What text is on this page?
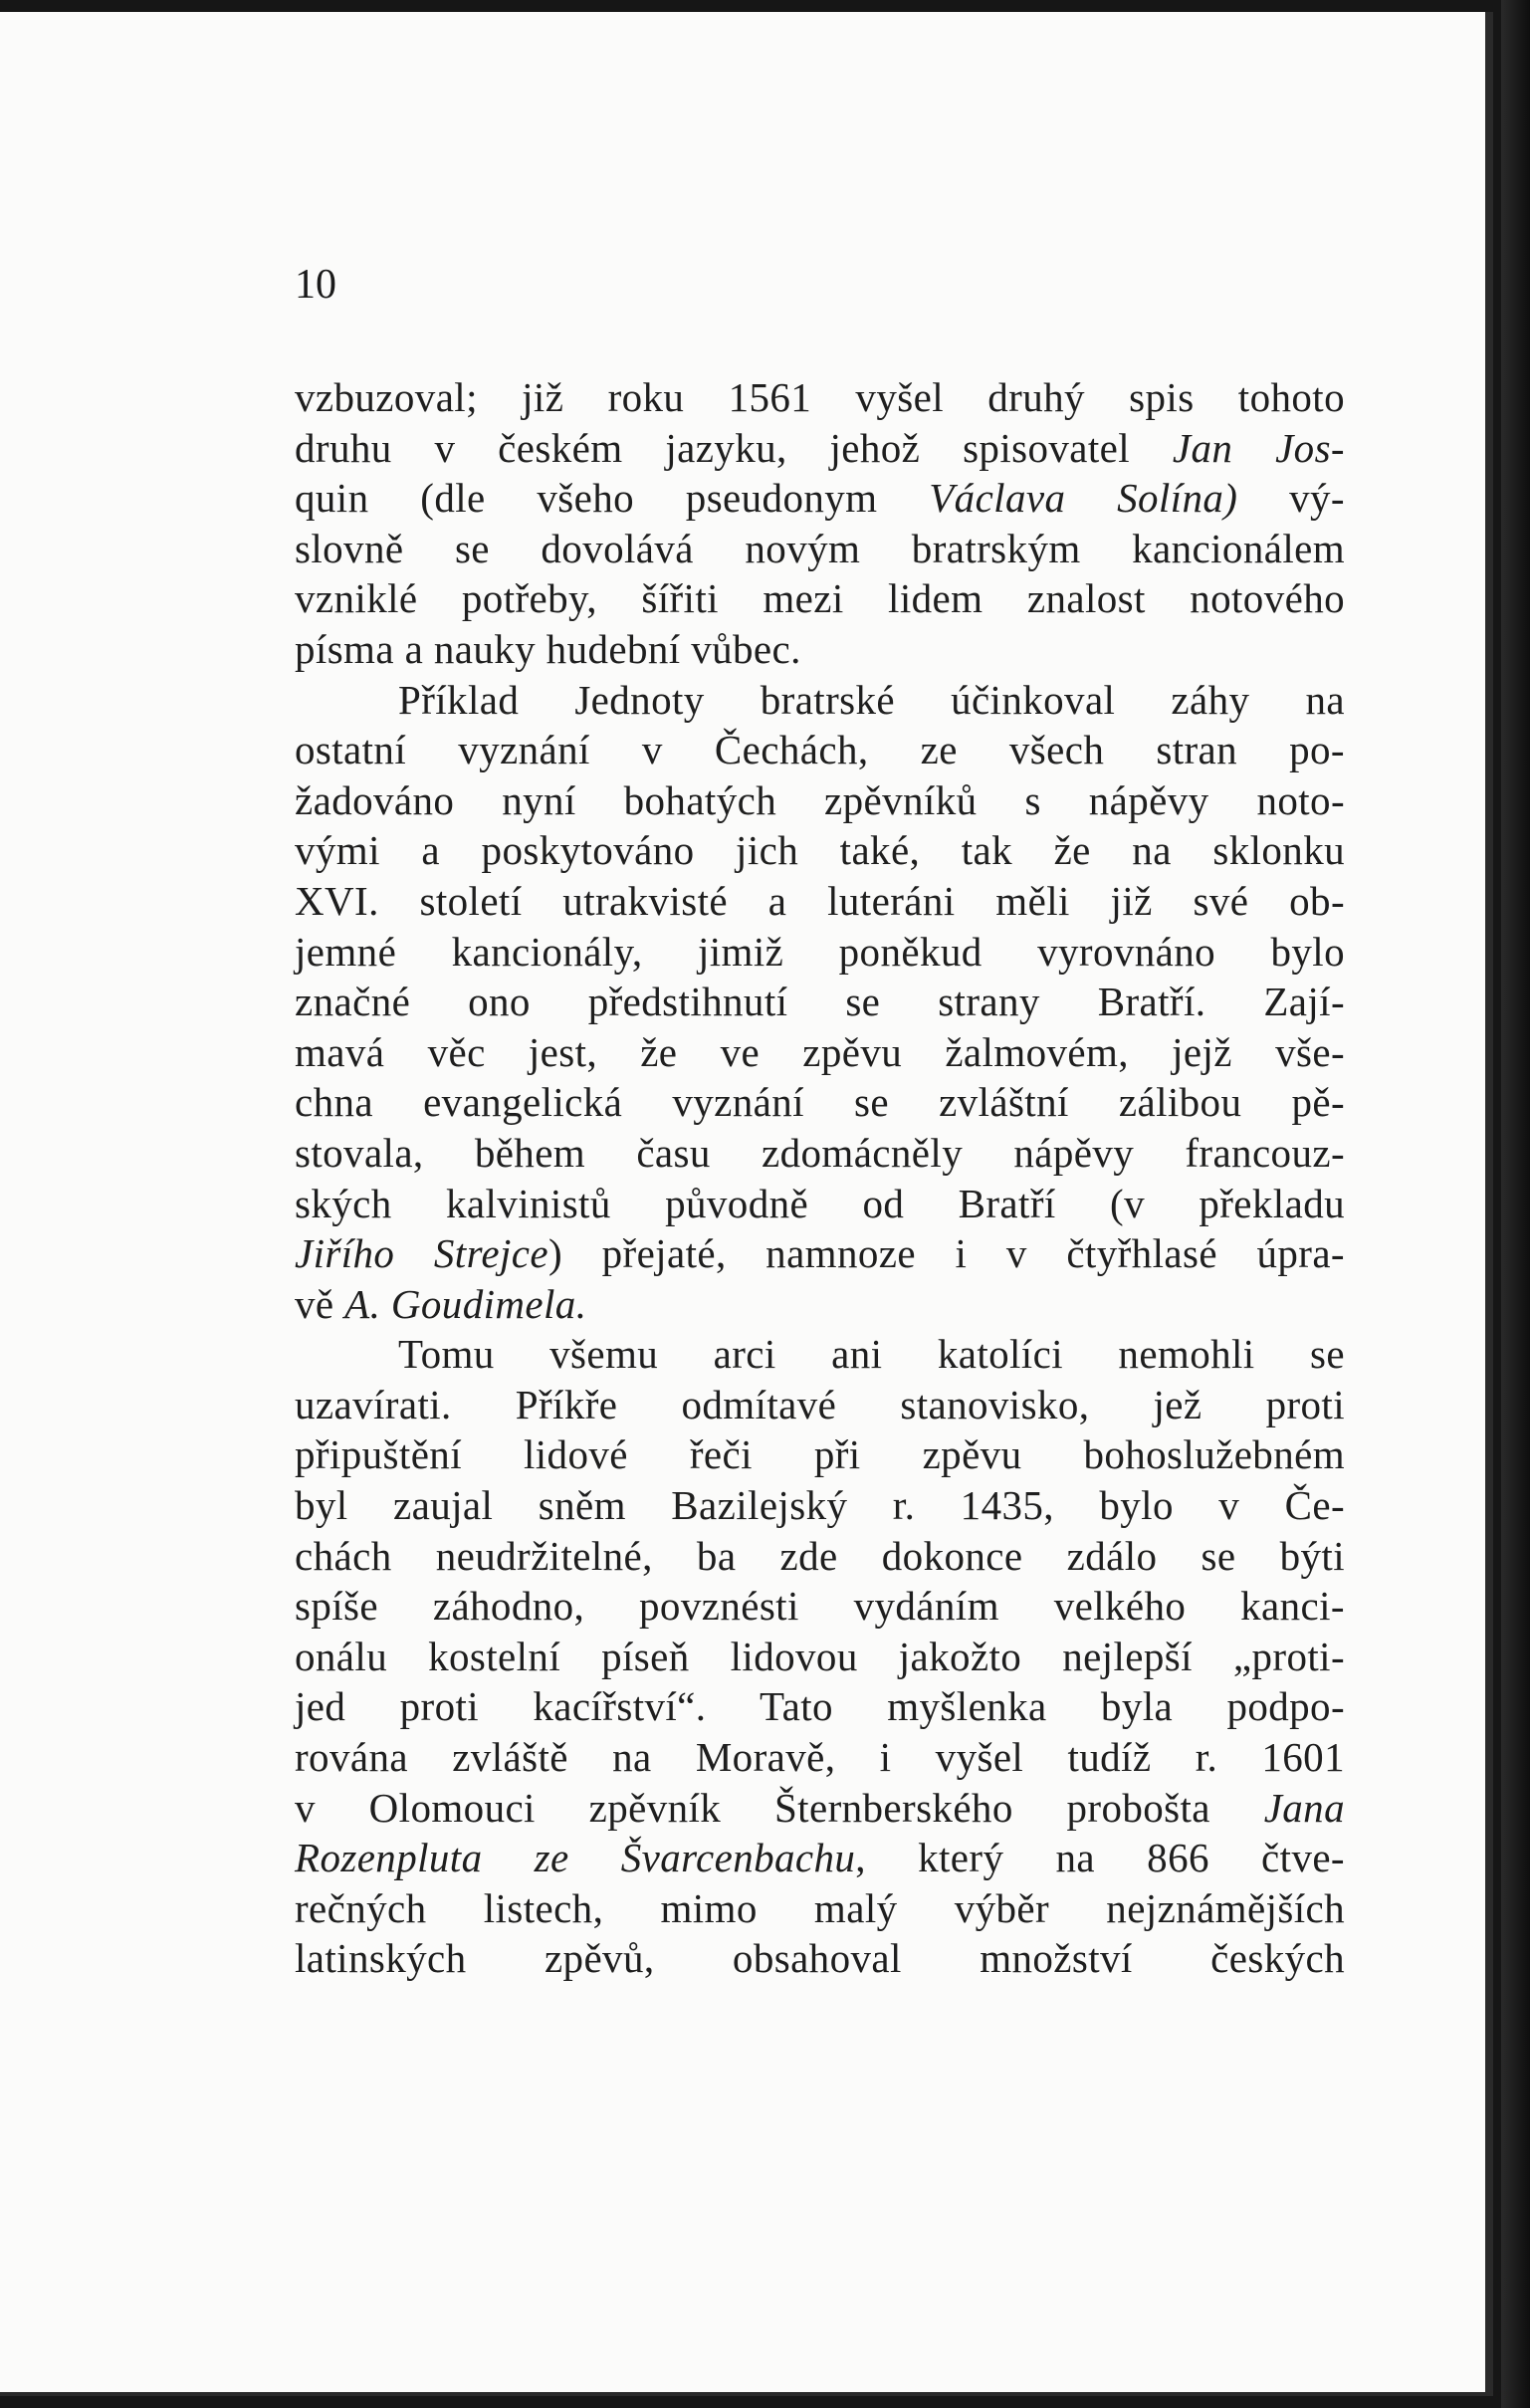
10
vzbuzoval; již roku 1561 vyšel druhý spis tohoto
druhu v českém jazyku, jehož spisovatel Jan Jos-
quin (dle všeho pseudonym Václava Solína) vý-
slovně se dovolává novým bratrským kancionálem
vzniklé potřeby, šířiti mezi lidem znalost notového
písma a nauky hudební vůbec.
Příklad Jednoty bratrské účinkoval záhy na
ostatní vyznání v Čechách, ze všech stran po-
žadováno nyní bohatých zpěvníků s nápěvy noto-
vými a poskytováno jich také, tak že na sklonku
XVI. století utrakvisté a luteráni měli již své ob-
jemné kancionály, jimiž poněkud vyrovnáno bylo
značné ono předstihnutí se strany Bratří. Zají-
mavá věc jest, že ve zpěvu žalmovém, jejž vše-
chna evangelická vyznání se zvláštní zálibou pě-
stovala, během času zdomácněly nápěvy francouz-
ských kalvinistů původně od Bratří (v překladu
Jiřího Strejce) přejaté, namnoze i v čtyřhlasé úpra-
vě A. Goudimela.
Tomu všemu arci ani katolíci nemohli se
uzavírati. Příkře odmítavé stanovisko, jež proti
připuštění lidové řeči při zpěvu bohoslužebném
byl zaujal sněm Bazilejský r. 1435, bylo v Če-
chách neudržitelné, ba zde dokonce zdálo se býti
spíše záhodno, povznésti vydáním velkého kanci-
onálu kostelní píseň lidovou jakožto nejlepší „proti-
jed proti kacířství“. Tato myšlenka byla podpo-
rována zvláště na Moravě, i vyšel tudíž r. 1601
v Olomouci zpěvník Šternberského probošta Jana
Rozenpluta ze Švarcenbachu, který na 866 čtve-
rečných listech, mimo malý výběr nejznámějších
latinských zpěvů, obsahoval množství českých
